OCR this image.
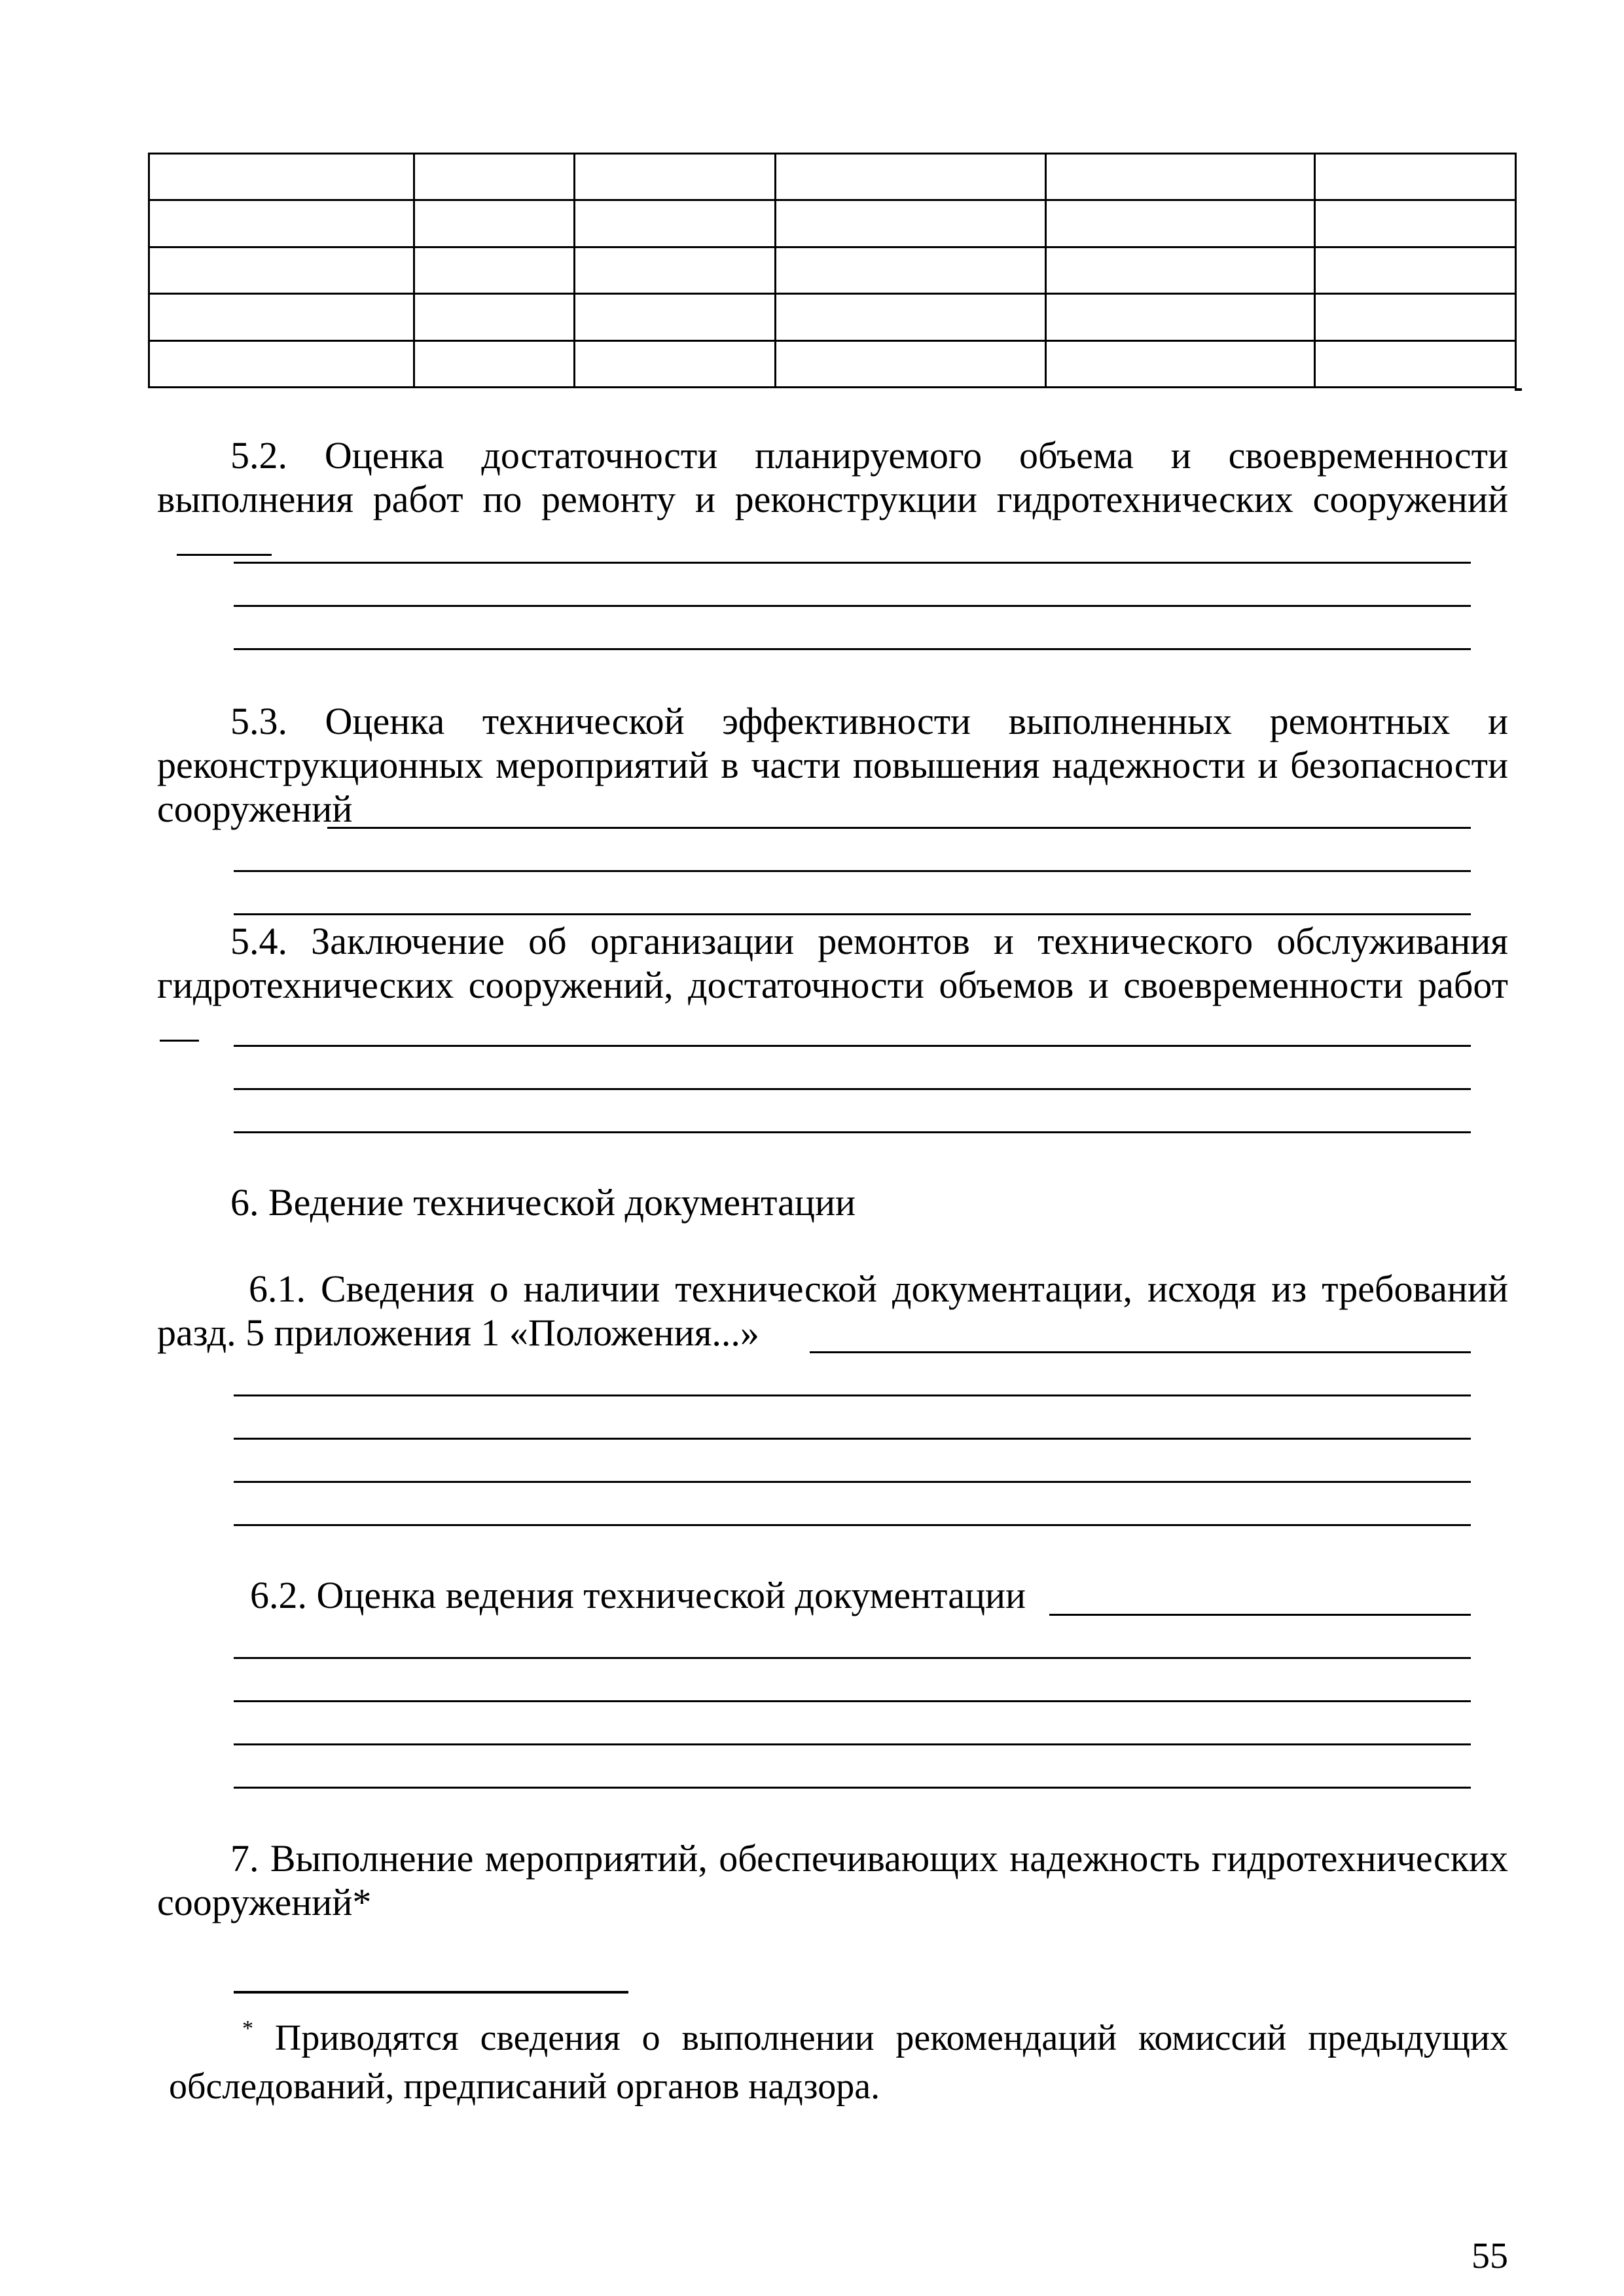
5.2. Оценка достаточности планируемого объема и своевременности выполнения работ по ремонту и реконструкции гидротехнических сооружений

5.3. Оценка технической эффективности выполненных ремонтных и реконструкционных мероприятий в части повышения надежности и безопасности сооружений

5.4. Заключение об организации ремонтов и технического обслуживания гидротехнических сооружений, достаточности объемов и своевременности работ

6. Ведение технической документации

6.1. Сведения о наличии технической документации, исходя из требований разд. 5 приложения 1 «Положения...»

6.2. Оценка ведения технической документации

7. Выполнение мероприятий, обеспечивающих надежность гидротехнических сооружений*

* Приводятся сведения о выполнении рекомендаций комиссий предыдущих обследований, предписаний органов надзора.

55
